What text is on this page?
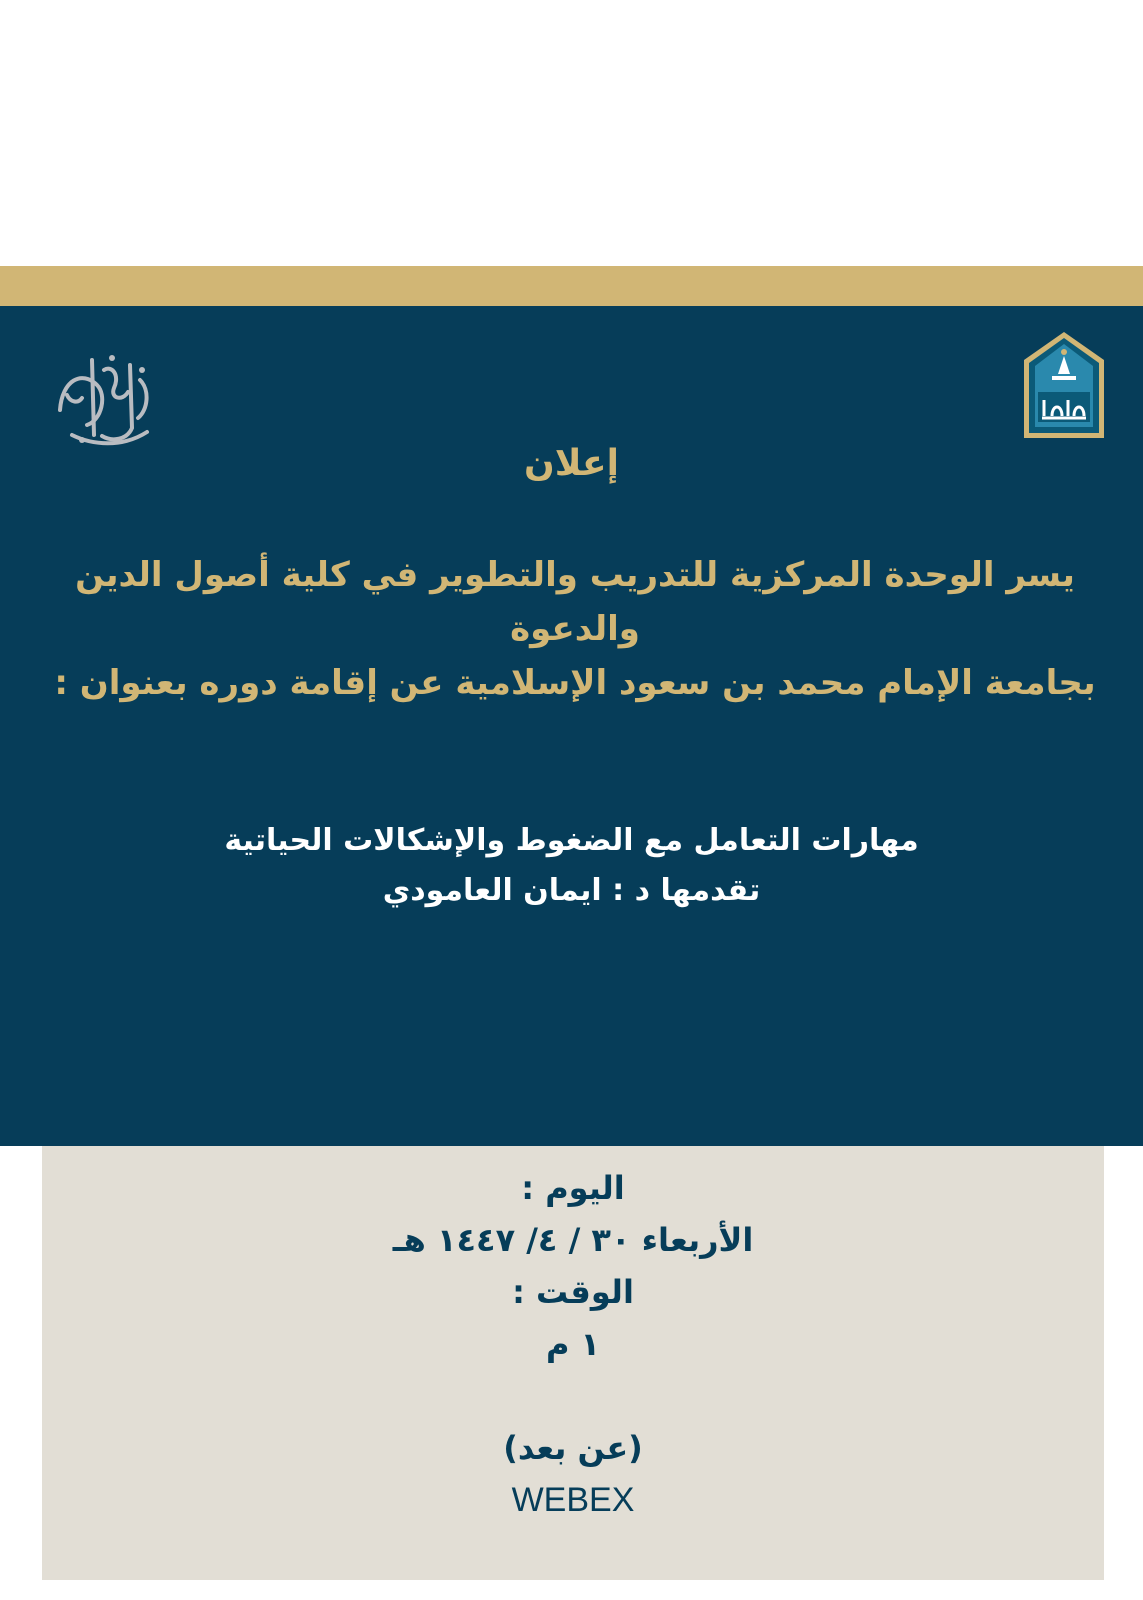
إعلان
يسر الوحدة المركزية للتدريب والتطوير في كلية أصول الدين والدعوة
بجامعة الإمام محمد بن سعود الإسلامية عن إقامة دوره بعنوان :
مهارات التعامل مع الضغوط والإشكالات الحياتية
تقدمها د : ايمان العامودي
اليوم :
الأربعاء ٣٠ / ٤/ ١٤٤٧ هـ
الوقت :
١ م
(عن بعد)
WEBEX
